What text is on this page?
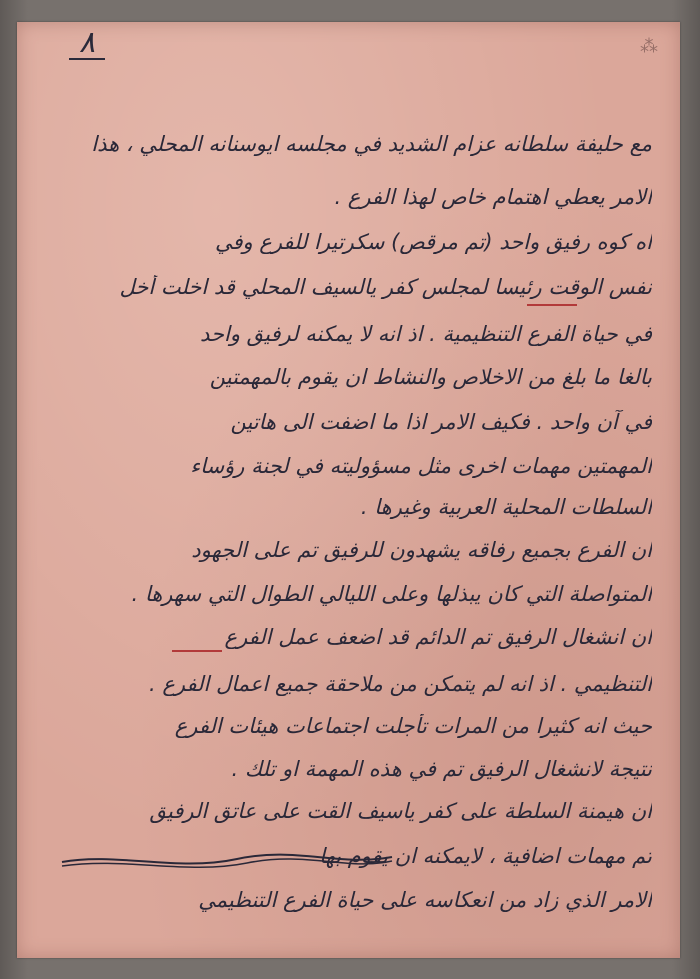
⁂
٨
مع حليفة سلطانه عزام الشديد في مجلسه ايوسنانه المحلي ، هذا
الامر يعطي اهتمام خاص لهذا الفرع .
اه كوه رفيق واحد (تم مرقص) سكرتيرا للفرع وفي
نفس الوقت رئيسا لمجلس كفر يالسيف المحلي قد اخلت أخل
في حياة الفرع التنظيمية . اذ انه لا يمكنه لرفيق واحد
بالغا ما بلغ من الاخلاص والنشاط ان يقوم بالمهمتين
في آن واحد . فكيف الامر اذا ما اضفت الى هاتين
المهمتين مهمات اخرى مثل مسؤوليته في لجنة رؤساء
السلطات المحلية العربية وغيرها .
ان الفرع بجميع رفاقه يشهدون للرفيق تم على الجهود
المتواصلة التي كان يبذلها وعلى الليالي الطوال التي سهرها .
ان انشغال الرفيق تم الدائم قد اضعف عمل الفرع
التنظيمي . اذ انه لم يتمكن من ملاحقة جميع اعمال الفرع .
حيث انه كثيرا من المرات تأجلت اجتماعات هيئات الفرع
نتيجة لانشغال الرفيق تم في هذه المهمة او تلك .
ان هيمنة السلطة على كفر ياسيف القت على عاتق الرفيق
تم مهمات اضافية ، لايمكنه ان يقوم بها
الامر الذي زاد من انعكاسه على حياة الفرع التنظيمي
